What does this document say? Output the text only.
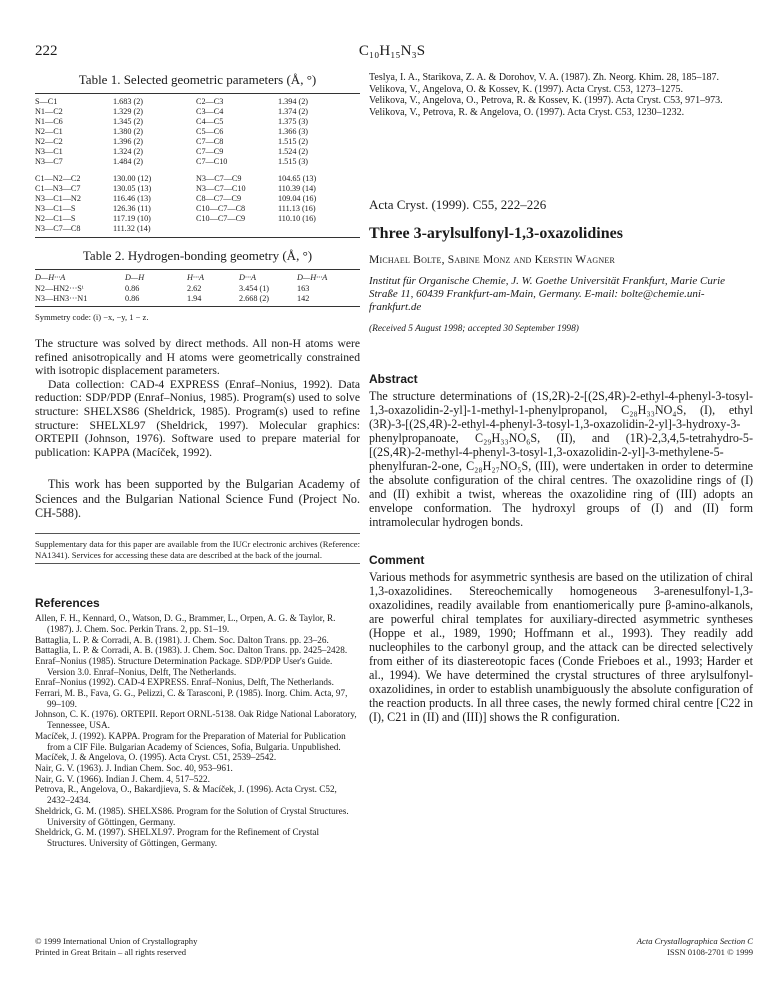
222	C₁₀H₁₅N₃S
Table 1. Selected geometric parameters (Å, °)
S—C1	1.683 (2)	C2—C3	1.394 (2)
N1—C2	1.329 (2)	C3—C4	1.374 (2)
N1—C6	1.345 (2)	C4—C5	1.375 (3)
N2—C1	1.380 (2)	C5—C6	1.366 (3)
N2—C2	1.396 (2)	C7—C8	1.515 (2)
N3—C1	1.324 (2)	C7—C9	1.524 (2)
N3—C7	1.484 (2)	C7—C10	1.515 (3)
C1—N2—C2	130.00 (12)	N3—C7—C9	104.65 (13)
C1—N3—C7	130.05 (13)	N3—C7—C10	110.39 (14)
N3—C1—N2	116.46 (13)	C8—C7—C9	109.04 (16)
N3—C1—S	126.36 (11)	C10—C7—C8	111.13 (16)
N2—C1—S	117.19 (10)	C10—C7—C9	110.10 (16)
N3—C7—C8	111.32 (14)		
Table 2. Hydrogen-bonding geometry (Å, °)
D—H···A	D—H	H···A	D···A	D—H···A
N2—HN2···Sⁱ	0.86	2.62	3.454 (1)	163
N3—HN3···N1	0.86	1.94	2.668 (2)	142
Symmetry code: (i) −x, −y, 1 − z.

The structure was solved by direct methods. All non-H atoms were refined anisotropically and H atoms were geometrically constrained with isotropic displacement parameters.

Data collection: CAD-4 EXPRESS (Enraf–Nonius, 1992). Data reduction: SDP/PDP (Enraf–Nonius, 1985). Program(s) used to solve structure: SHELXS86 (Sheldrick, 1985). Program(s) used to refine structure: SHELXL97 (Sheldrick, 1997). Molecular graphics: ORTEPII (Johnson, 1976). Software used to prepare material for publication: KAPPA (Macíček, 1992).

This work has been supported by the Bulgarian Academy of Sciences and the Bulgarian National Science Fund (Project No. CH-588).

Supplementary data for this paper are available from the IUCr electronic archives (Reference: NA1341). Services for accessing these data are described at the back of the journal.

References

Allen, F. H., Kennard, O., Watson, D. G., Brammer, L., Orpen, A. G. & Taylor, R. (1987). J. Chem. Soc. Perkin Trans. 2, pp. S1–19.

Battaglia, L. P. & Corradi, A. B. (1981). J. Chem. Soc. Dalton Trans. pp. 23–26.

Battaglia, L. P. & Corradi, A. B. (1983). J. Chem. Soc. Dalton Trans. pp. 2425–2428.

Enraf–Nonius (1985). Structure Determination Package. SDP/PDP User's Guide. Version 3.0. Enraf–Nonius, Delft, The Netherlands.

Enraf–Nonius (1992). CAD-4 EXPRESS. Enraf–Nonius, Delft, The Netherlands.

Ferrari, M. B., Fava, G. G., Pelizzi, C. & Tarasconi, P. (1985). Inorg. Chim. Acta, 97, 99–109.

Johnson, C. K. (1976). ORTEPII. Report ORNL-5138. Oak Ridge National Laboratory, Tennessee, USA.

Macíček, J. (1992). KAPPA. Program for the Preparation of Material for Publication from a CIF File. Bulgarian Academy of Sciences, Sofia, Bulgaria. Unpublished.

Macíček, J. & Angelova, O. (1995). Acta Cryst. C51, 2539–2542.

Nair, G. V. (1963). J. Indian Chem. Soc. 40, 953–961.

Nair, G. V. (1966). Indian J. Chem. 4, 517–522.

Petrova, R., Angelova, O., Bakardjieva, S. & Macíček, J. (1996). Acta Cryst. C52, 2432–2434.

Sheldrick, G. M. (1985). SHELXS86. Program for the Solution of Crystal Structures. University of Göttingen, Germany.

Sheldrick, G. M. (1997). SHELXL97. Program for the Refinement of Crystal Structures. University of Göttingen, Germany.

Teslya, I. A., Starikova, Z. A. & Dorohov, V. A. (1987). Zh. Neorg. Khim. 28, 185–187.

Velikova, V., Angelova, O. & Kossev, K. (1997). Acta Cryst. C53, 1273–1275.

Velikova, V., Angelova, O., Petrova, R. & Kossev, K. (1997). Acta Cryst. C53, 971–973.

Velikova, V., Petrova, R. & Angelova, O. (1997). Acta Cryst. C53, 1230–1232.

Acta Cryst. (1999). C55, 222–226
Three 3-arylsulfonyl-1,3-oxazolidines
Michael Bolte, Sabine Monz and Kerstin Wagner
Institut für Organische Chemie, J. W. Goethe Universität Frankfurt, Marie Curie Straße 11, 60439 Frankfurt-am-Main, Germany. E-mail: bolte@chemie.uni-frankfurt.de
(Received 5 August 1998; accepted 30 September 1998)
Abstract

The structure determinations of (1S,2R)-2-[(2S,4R)-2-ethyl-4-phenyl-3-tosyl-1,3-oxazolidin-2-yl]-1-methyl-1-phenylpropanol, C₂₈H₃₃NO₄S, (I), ethyl (3R)-3-[(2S,4R)-2-ethyl-4-phenyl-3-tosyl-1,3-oxazolidin-2-yl]-3-hydroxy-3-phenylpropanoate, C₂₉H₃₃NO₆S, (II), and (1R)-2,3,4,5-tetrahydro-5-[(2S,4R)-2-methyl-4-phenyl-3-tosyl-1,3-oxazolidin-2-yl]-3-methylene-5-phenylfuran-2-one, C₂₈H₂₇NO₅S, (III), were undertaken in order to determine the absolute configuration of the chiral centres. The oxazolidine rings of (I) and (II) exhibit a twist, whereas the oxazolidine ring of (III) adopts an envelope conformation. The hydroxyl groups of (I) and (II) form intramolecular hydrogen bonds.

Comment

Various methods for asymmetric synthesis are based on the utilization of chiral 1,3-oxazolidines. Stereochemically homogeneous 3-arenesulfonyl-1,3-oxazolidines, readily available from enantiomerically pure β-amino-alkanols, are powerful chiral templates for auxiliary-directed asymmetric syntheses (Hoppe et al., 1989, 1990; Hoffmann et al., 1993). They readily add nucleophiles to the carbonyl group, and the attack can be directed selectively from either of its diastereotopic faces (Conde Frieboes et al., 1993; Harder et al., 1994). We have determined the crystal structures of three arylsulfonyl-oxazolidines, in order to establish unambiguously the absolute configuration of the reaction products. In all three cases, the newly formed chiral centre [C22 in (I), C21 in (II) and (III)] shows the R configuration.

© 1999 International Union of Crystallography
Printed in Great Britain – all rights reserved
Acta Crystallographica Section C
ISSN 0108-2701 © 1999
